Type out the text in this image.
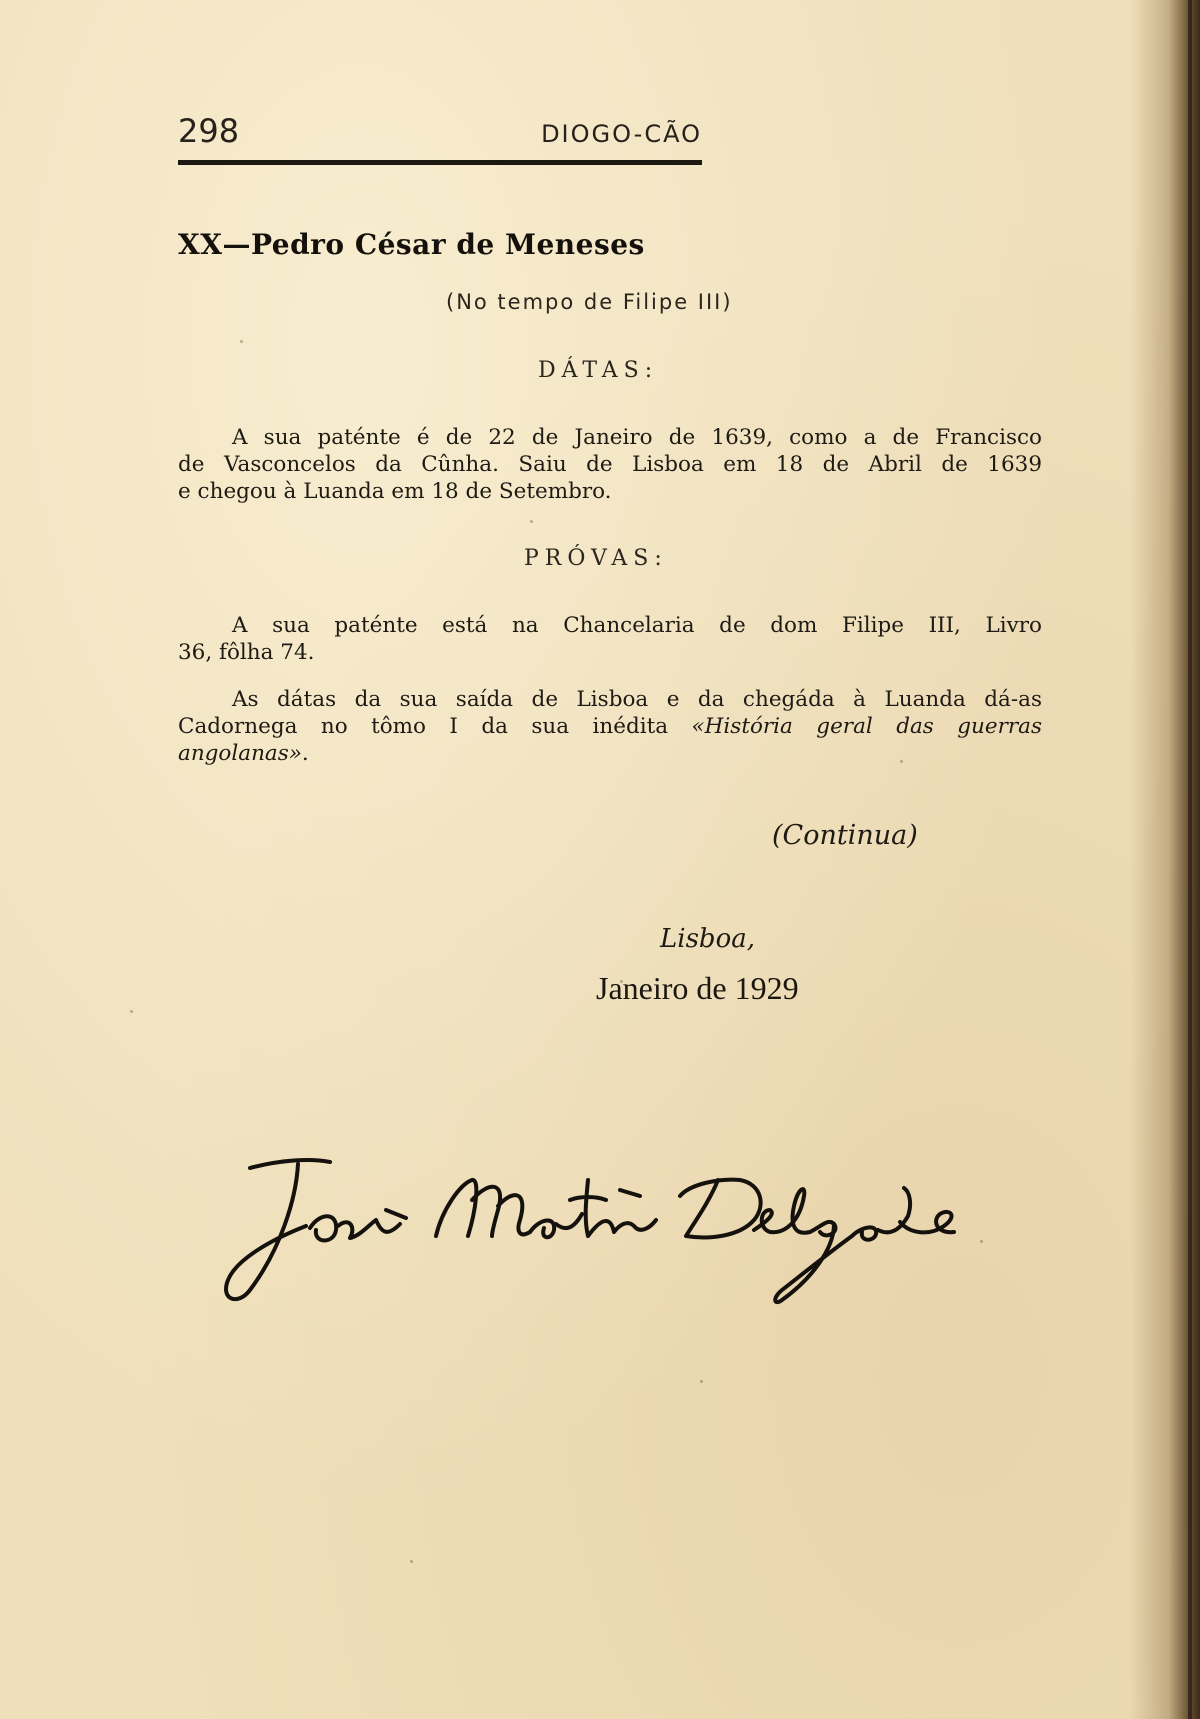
298	DIOGO-CÃO
XX—Pedro César de Meneses
(No tempo de Filipe III)
DÁTAS:
A sua paténte é de 22 de Janeiro de 1639, como a de Francisco
de Vasconcelos da Cûnha. Saiu de Lisboa em 18 de Abril de 1639
e chegou à Luanda em 18 de Setembro.
PRÓVAS:
A sua paténte está na Chancelaria de dom Filipe III, Livro
36, fôlha 74.
As dátas da sua saída de Lisboa e da chegáda à Luanda dá-as
Cadornega no tômo I da sua inédita «História geral das guerras
angolanas».
(Continua)
Lisboa,
Janeiro de 1929
